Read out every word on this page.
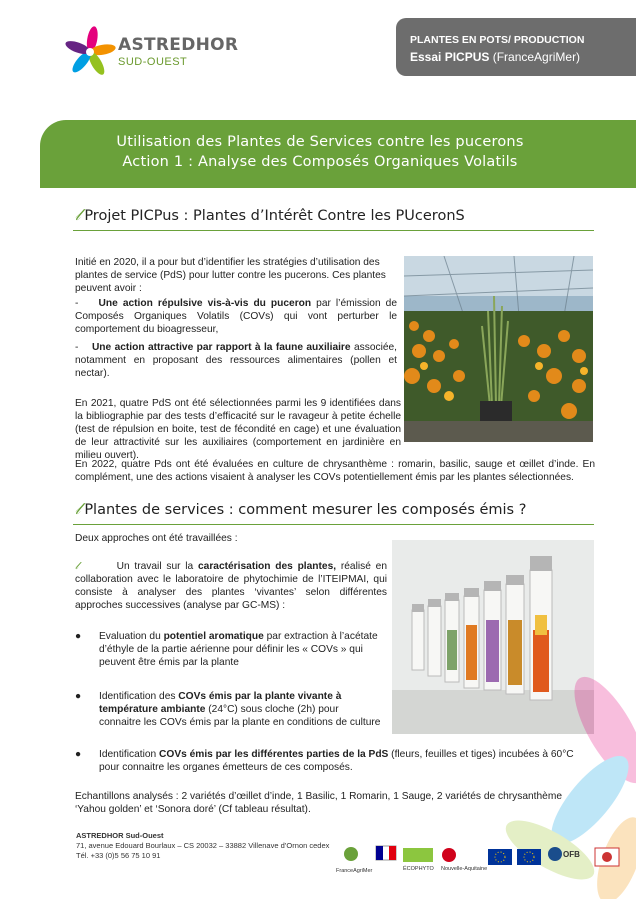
ASTREDHOR
SUD-OUEST
PLANTES EN POTS/ PRODUCTION
Essai PICPUS (FranceAgriMer)
Utilisation des Plantes de Services contre les pucerons
Action 1 : Analyse des Composés Organiques Volatils
𝓁 Projet PICPus : Plantes d’Intérêt Contre les PUceronS
Initié en 2020, il a pour but d’identifier les stratégies d’utilisation des plantes de service (PdS) pour lutter contre les pucerons. Ces plantes peuvent avoir :
-    Une action répulsive vis-à-vis du puceron par l’émission de Composés Organiques Volatils (COVs) qui vont perturber le comportement du bioagresseur,
-    Une action attractive par rapport à la faune auxiliaire associée, notamment en proposant des ressources alimentaires (pollen et nectar).
En 2021, quatre PdS ont été sélectionnées parmi les 9 identifiées dans la bibliographie par des tests d’efficacité sur le ravageur à petite échelle (test de répulsion en boite, test de fécondité en cage) et une évaluation de leur attractivité sur les auxiliaires (comportement en jardinière en milieu ouvert).
En 2022, quatre Pds ont été évaluées en culture de chrysanthème : romarin, basilic, sauge et œillet d’inde. En complément, une des actions visaient à analyser les COVs potentiellement émis par les plantes sélectionnées.
𝓁 Plantes de services : comment mesurer les composés émis ?
Deux approches ont été travaillées :
𝓁	Un travail sur la caractérisation des plantes, réalisé en collaboration avec le laboratoire de phytochimie de l’ITEIPMAI, qui consiste à analyser des plantes ‘vivantes’ selon différentes approches successives (analyse par GC-MS) :
●	Evaluation du potentiel aromatique par extraction à l’acétate d’éthyle de la partie aérienne pour définir les « COVs » qui peuvent être émis par la plante
●	Identification des COVs émis par la plante vivante à température ambiante (24°C) sous cloche (2h) pour connaitre les COVs émis par la plante en conditions de culture
●	Identification COVs émis par les différentes parties de la PdS (fleurs, feuilles et tiges) incubées à 60°C pour connaitre les organes émetteurs de ces composés.
Echantillons analysés : 2 variétés d’œillet d’inde, 1 Basilic, 1 Romarin, 1 Sauge, 2 variétés de chrysanthème ‘Yahou golden’ et ‘Sonora doré’ (Cf tableau résultat).
ASTREDHOR Sud-Ouest
71, avenue Edouard Bourlaux – CS 20032 – 33882 Villenave d’Ornon cedex
Tél. +33 (0)5 56 75 10 91
FranceAgriMer	ÉCOPHYTO Nouvelle-Aquitaine
OFB
